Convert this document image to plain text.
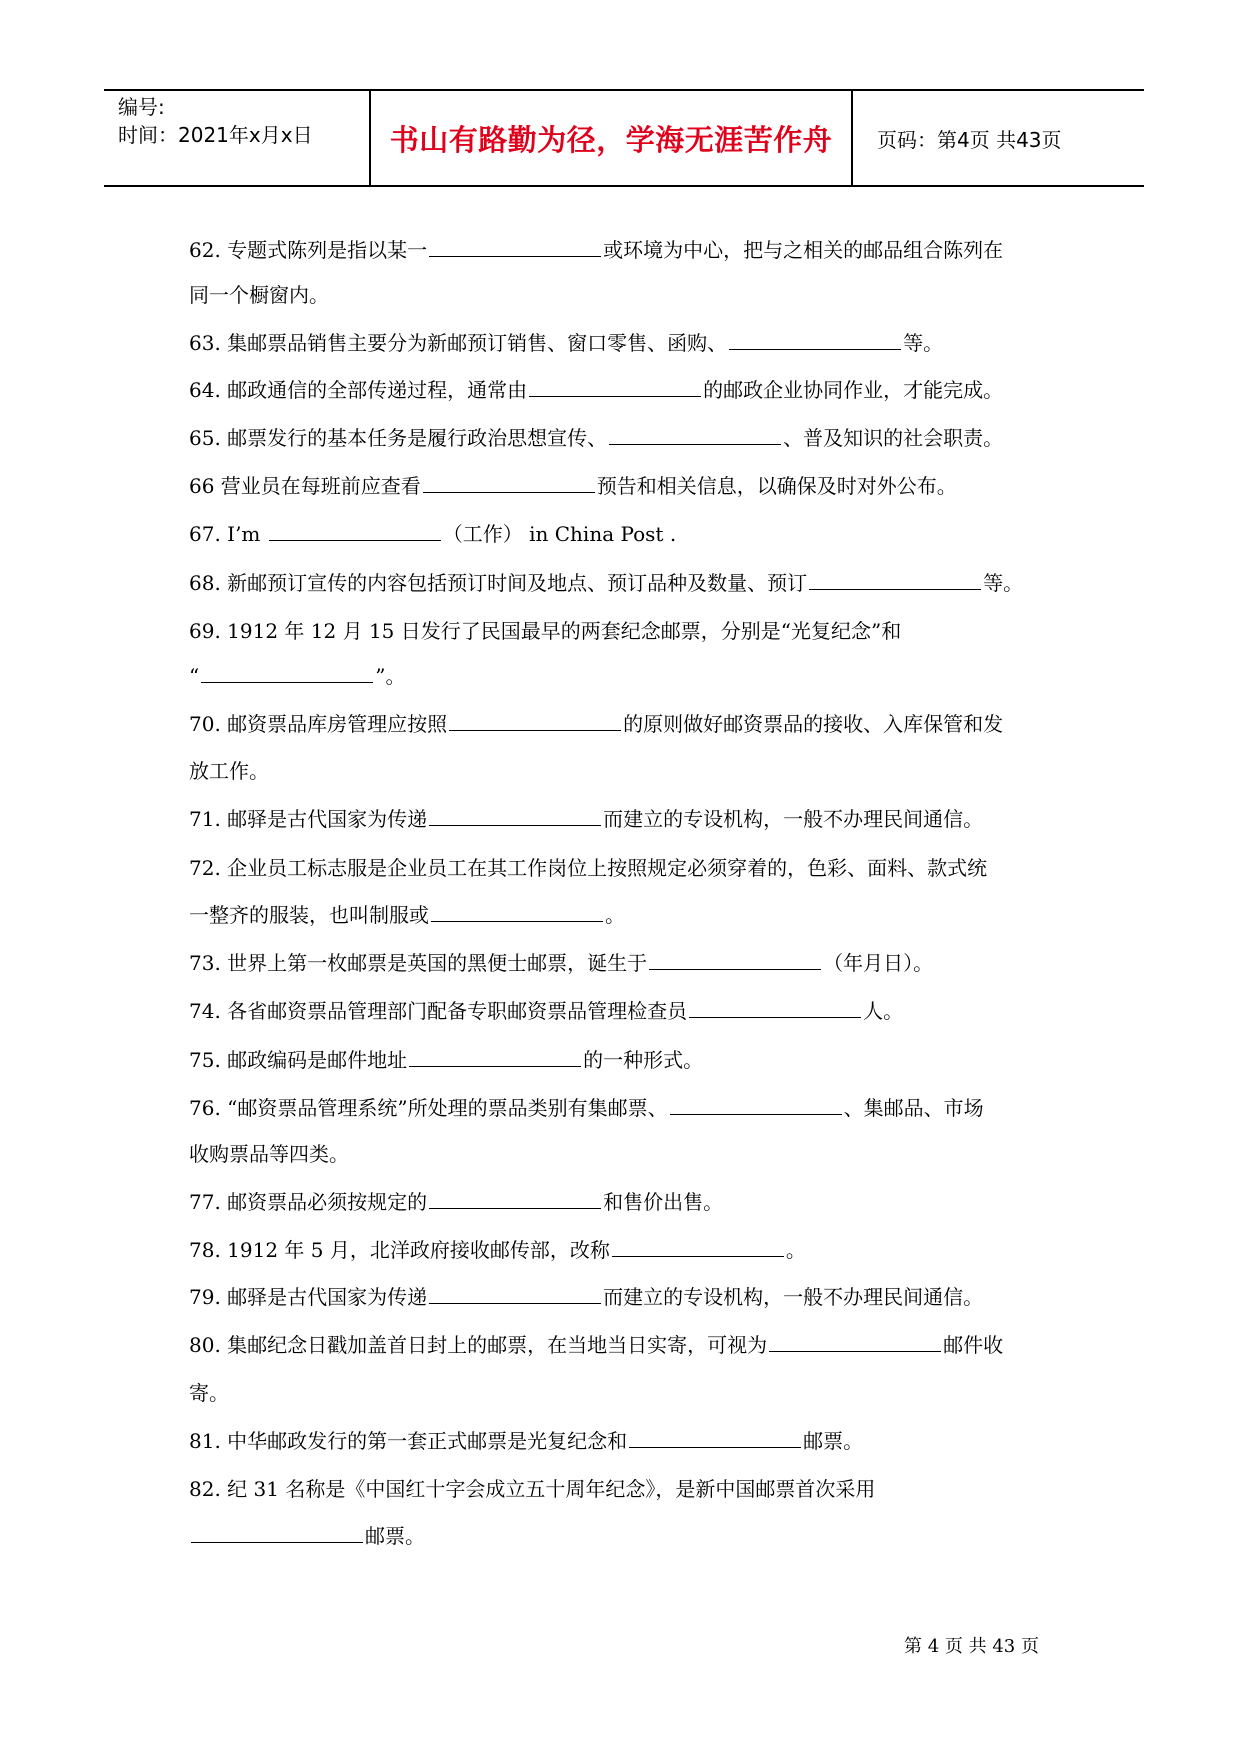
编号:
时间：2021年x月x日	书山有路勤为径，学海无涯苦作舟 页码：第4页 共43页
62. 专题式陈列是指以某一	或环境为中心，把与之相关的邮品组合陈列在
同一个橱窗内。
63. 集邮票品销售主要分为新邮预订销售、窗口零售、函购、	等。
64. 邮政通信的全部传递过程，通常由	的邮政企业协同作业，才能完成。
65. 邮票发行的基本任务是履行政治思想宣传、	、普及知识的社会职责。
66 营业员在每班前应查看	预告和相关信息，以确保及时对外公布。
67. I’m	（工作） in China Post .
68. 新邮预订宣传的内容包括预订时间及地点、预订品种及数量、预订	等。
69. 1912 年 12 月 15 日发行了民国最早的两套纪念邮票，分别是“光复纪念”和
“	”。
70. 邮资票品库房管理应按照	的原则做好邮资票品的接收、入库保管和发
放工作。
71. 邮驿是古代国家为传递	而建立的专设机构，一般不办理民间通信。
72. 企业员工标志服是企业员工在其工作岗位上按照规定必须穿着的，色彩、面料、款式统
一整齐的服装，也叫制服或	。
73. 世界上第一枚邮票是英国的黑便士邮票，诞生于	（年月日）。
74. 各省邮资票品管理部门配备专职邮资票品管理检查员	人。
75. 邮政编码是邮件地址	的一种形式。
76. “邮资票品管理系统”所处理的票品类别有集邮票、	、集邮品、市场
收购票品等四类。
77. 邮资票品必须按规定的	和售价出售。
78. 1912 年 5 月，北洋政府接收邮传部，改称	。
79. 邮驿是古代国家为传递	而建立的专设机构，一般不办理民间通信。
80. 集邮纪念日戳加盖首日封上的邮票，在当地当日实寄，可视为	邮件收
寄。
81. 中华邮政发行的第一套正式邮票是光复纪念和	邮票。
82. 纪 31 名称是《中国红十字会成立五十周年纪念》，是新中国邮票首次采用
邮票。
第 4 页 共 43 页
